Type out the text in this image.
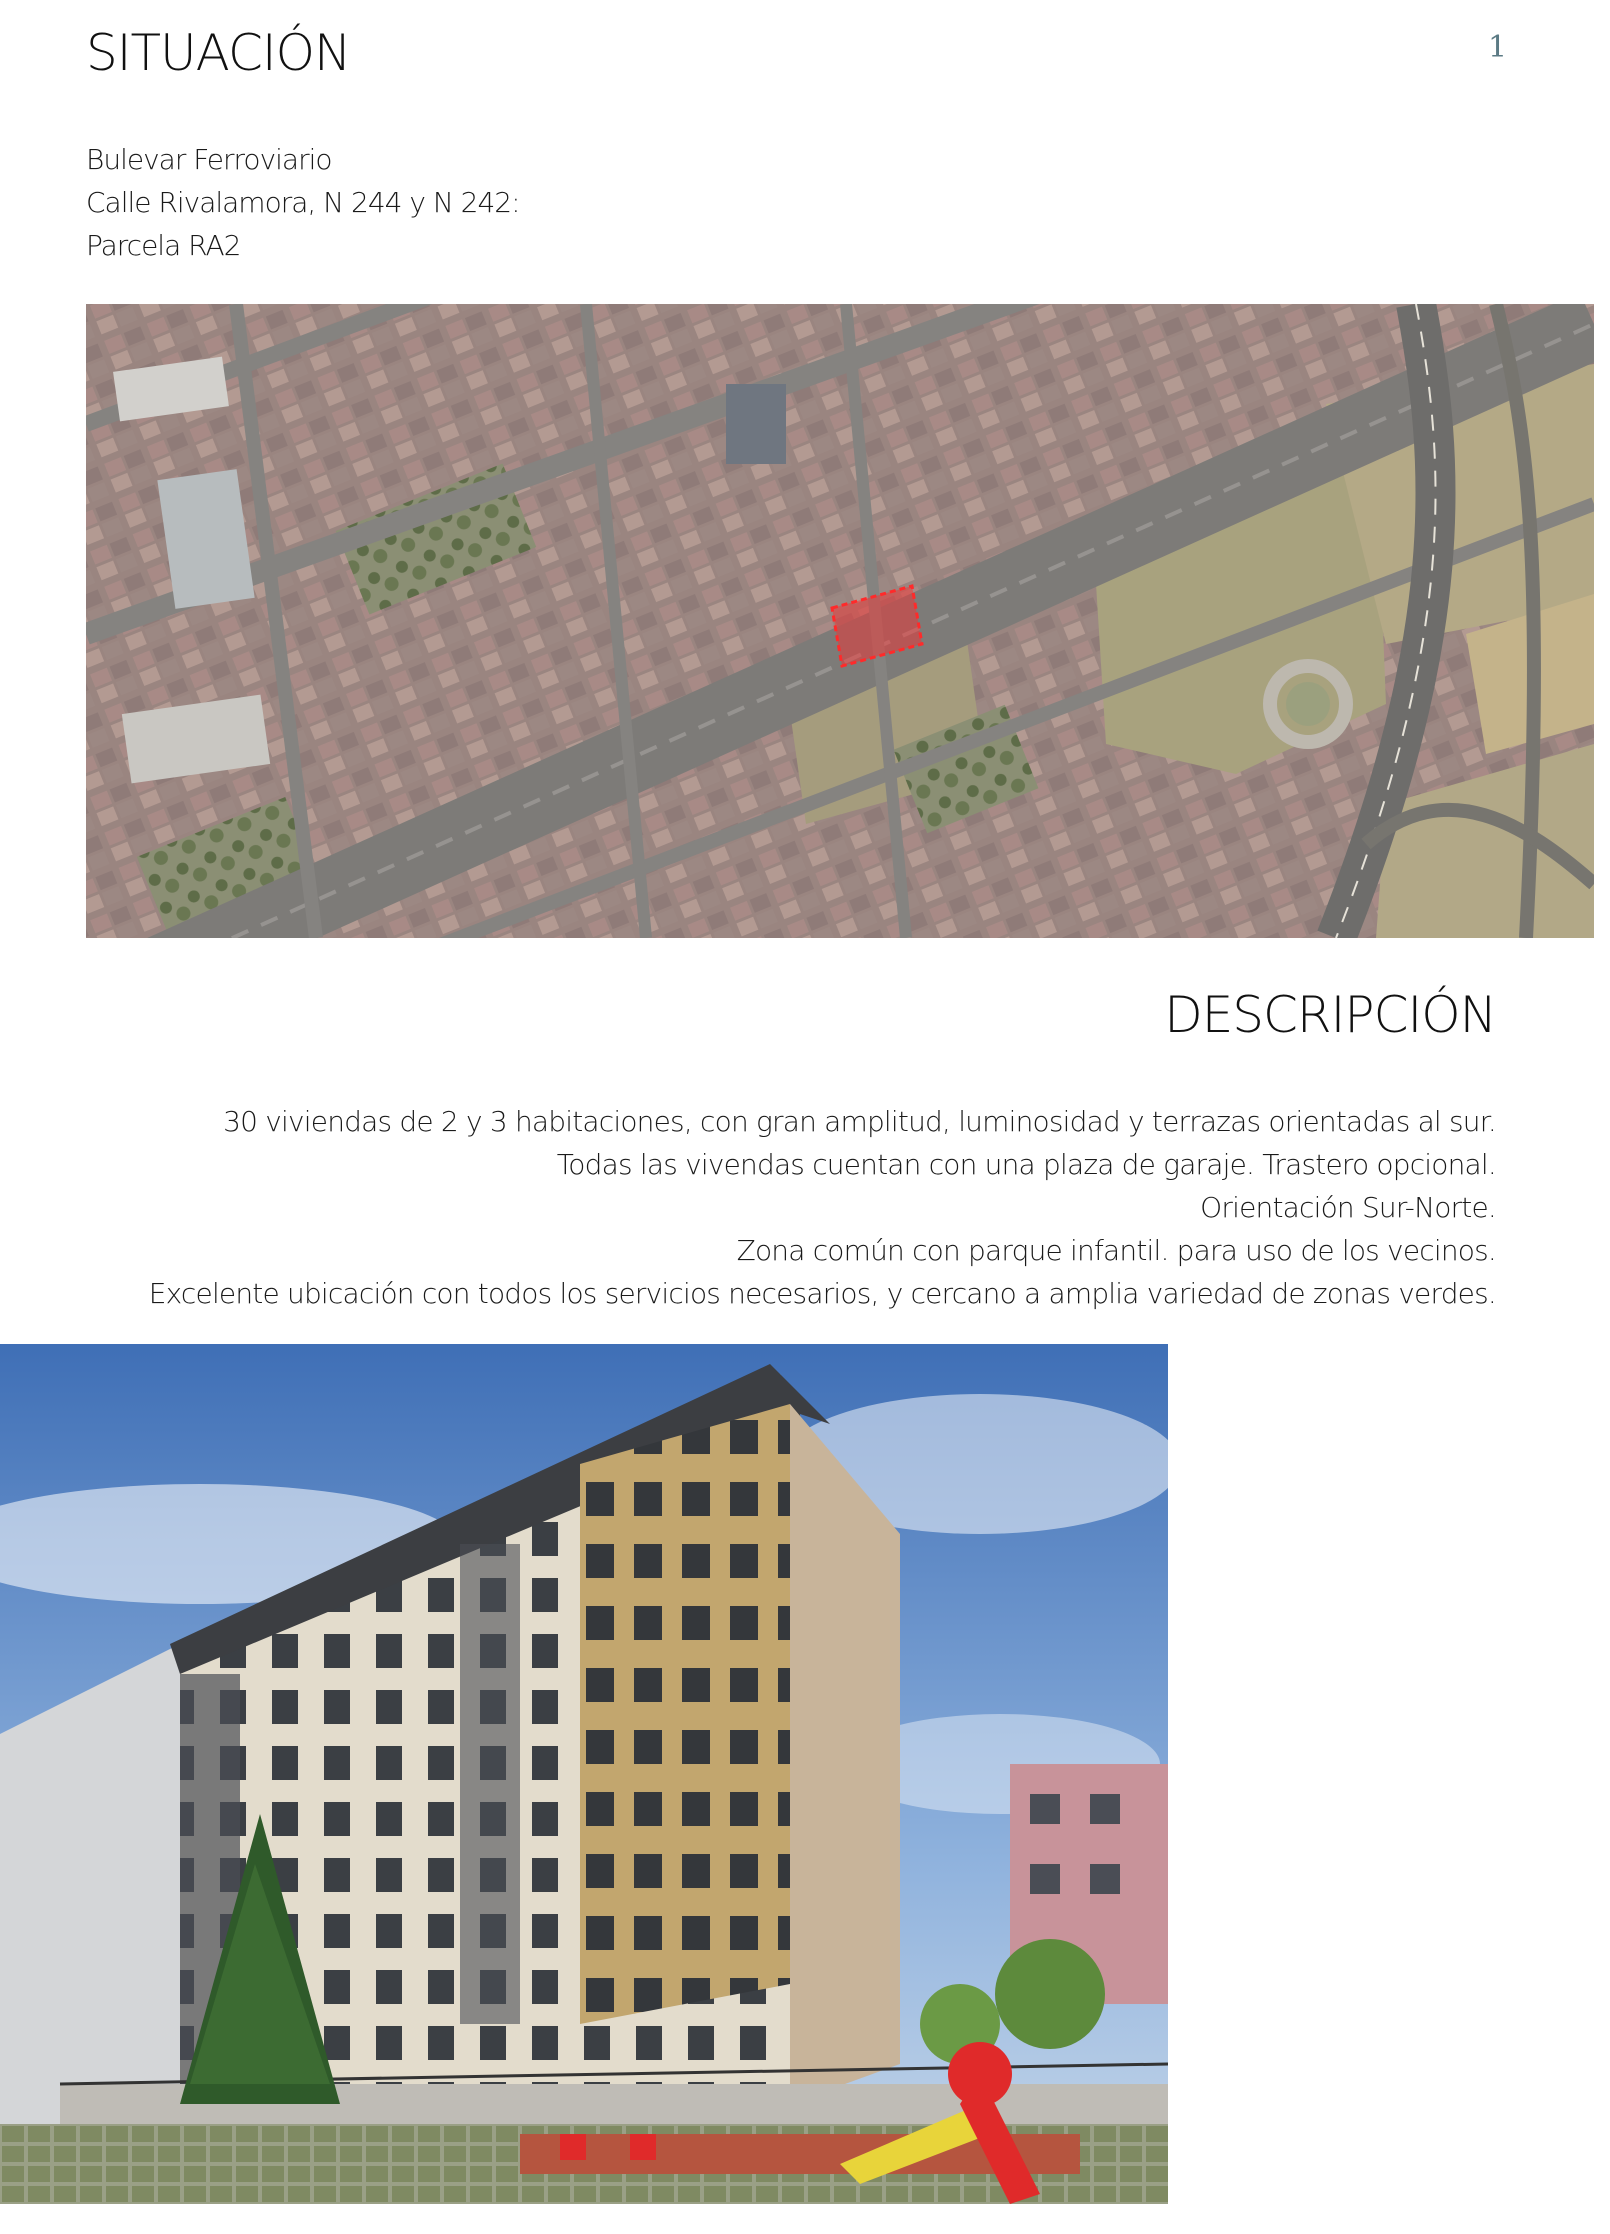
SITUACIÓN	1
Bulevar Ferroviario
Calle Rivalamora, N 244 y N 242:
Parcela RA2
DESCRIPCIÓN
30 viviendas de 2 y 3 habitaciones, con gran amplitud, luminosidad y terrazas orientadas al sur.
Todas las vivendas cuentan con una plaza de garaje. Trastero opcional.
Orientación Sur-Norte.
Zona común con parque infantil. para uso de los vecinos.
Excelente ubicación con todos los servicios necesarios, y cercano a amplia variedad de zonas verdes.
